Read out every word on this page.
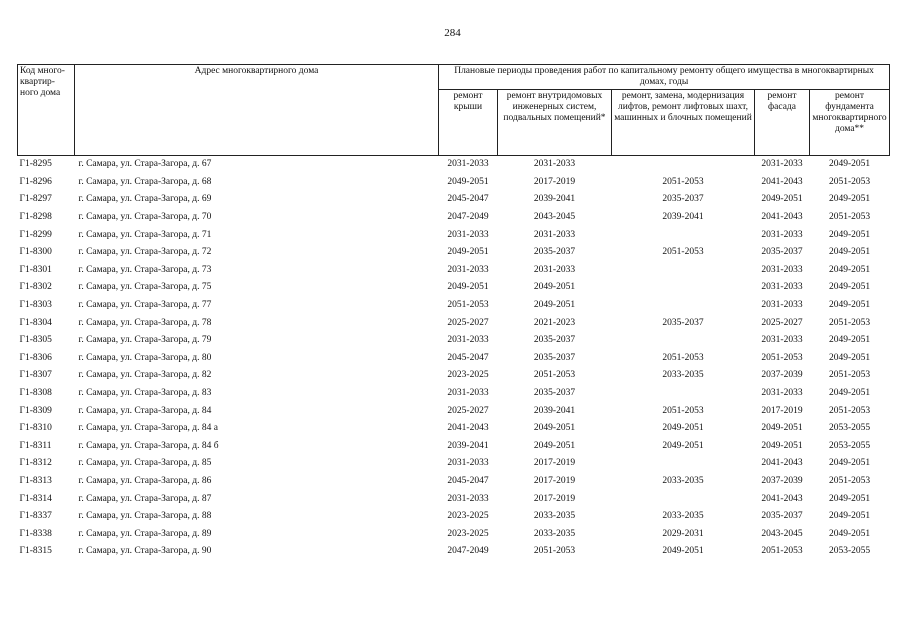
284
Код много-квартир-ного дома	Адрес многоквартирного дома	Плановые периоды проведения работ по капитальному ремонту общего имущества в многоквартирных домах, годы				
		ремонт крыши	ремонт внутридомовых инженерных систем, подвальных помещений*	ремонт, замена, модернизация лифтов, ремонт лифтовых шахт, машинных и блочных помещений	ремонт фасада	ремонт фундамента многоквартирного дома**
Г1-8295	г. Самара, ул. Стара-Загора, д. 67	2031-2033	2031-2033		2031-2033	2049-2051
Г1-8296	г. Самара, ул. Стара-Загора, д. 68	2049-2051	2017-2019	2051-2053	2041-2043	2051-2053
Г1-8297	г. Самара, ул. Стара-Загора, д. 69	2045-2047	2039-2041	2035-2037	2049-2051	2049-2051
Г1-8298	г. Самара, ул. Стара-Загора, д. 70	2047-2049	2043-2045	2039-2041	2041-2043	2051-2053
Г1-8299	г. Самара, ул. Стара-Загора, д. 71	2031-2033	2031-2033		2031-2033	2049-2051
Г1-8300	г. Самара, ул. Стара-Загора, д. 72	2049-2051	2035-2037	2051-2053	2035-2037	2049-2051
Г1-8301	г. Самара, ул. Стара-Загора, д. 73	2031-2033	2031-2033		2031-2033	2049-2051
Г1-8302	г. Самара, ул. Стара-Загора, д. 75	2049-2051	2049-2051		2031-2033	2049-2051
Г1-8303	г. Самара, ул. Стара-Загора, д. 77	2051-2053	2049-2051		2031-2033	2049-2051
Г1-8304	г. Самара, ул. Стара-Загора, д. 78	2025-2027	2021-2023	2035-2037	2025-2027	2051-2053
Г1-8305	г. Самара, ул. Стара-Загора, д. 79	2031-2033	2035-2037		2031-2033	2049-2051
Г1-8306	г. Самара, ул. Стара-Загора, д. 80	2045-2047	2035-2037	2051-2053	2051-2053	2049-2051
Г1-8307	г. Самара, ул. Стара-Загора, д. 82	2023-2025	2051-2053	2033-2035	2037-2039	2051-2053
Г1-8308	г. Самара, ул. Стара-Загора, д. 83	2031-2033	2035-2037		2031-2033	2049-2051
Г1-8309	г. Самара, ул. Стара-Загора, д. 84	2025-2027	2039-2041	2051-2053	2017-2019	2051-2053
Г1-8310	г. Самара, ул. Стара-Загора, д. 84 а	2041-2043	2049-2051	2049-2051	2049-2051	2053-2055
Г1-8311	г. Самара, ул. Стара-Загора, д. 84 б	2039-2041	2049-2051	2049-2051	2049-2051	2053-2055
Г1-8312	г. Самара, ул. Стара-Загора, д. 85	2031-2033	2017-2019		2041-2043	2049-2051
Г1-8313	г. Самара, ул. Стара-Загора, д. 86	2045-2047	2017-2019	2033-2035	2037-2039	2051-2053
Г1-8314	г. Самара, ул. Стара-Загора, д. 87	2031-2033	2017-2019		2041-2043	2049-2051
Г1-8337	г. Самара, ул. Стара-Загора, д. 88	2023-2025	2033-2035	2033-2035	2035-2037	2049-2051
Г1-8338	г. Самара, ул. Стара-Загора, д. 89	2023-2025	2033-2035	2029-2031	2043-2045	2049-2051
Г1-8315	г. Самара, ул. Стара-Загора, д. 90	2047-2049	2051-2053	2049-2051	2051-2053	2053-2055
